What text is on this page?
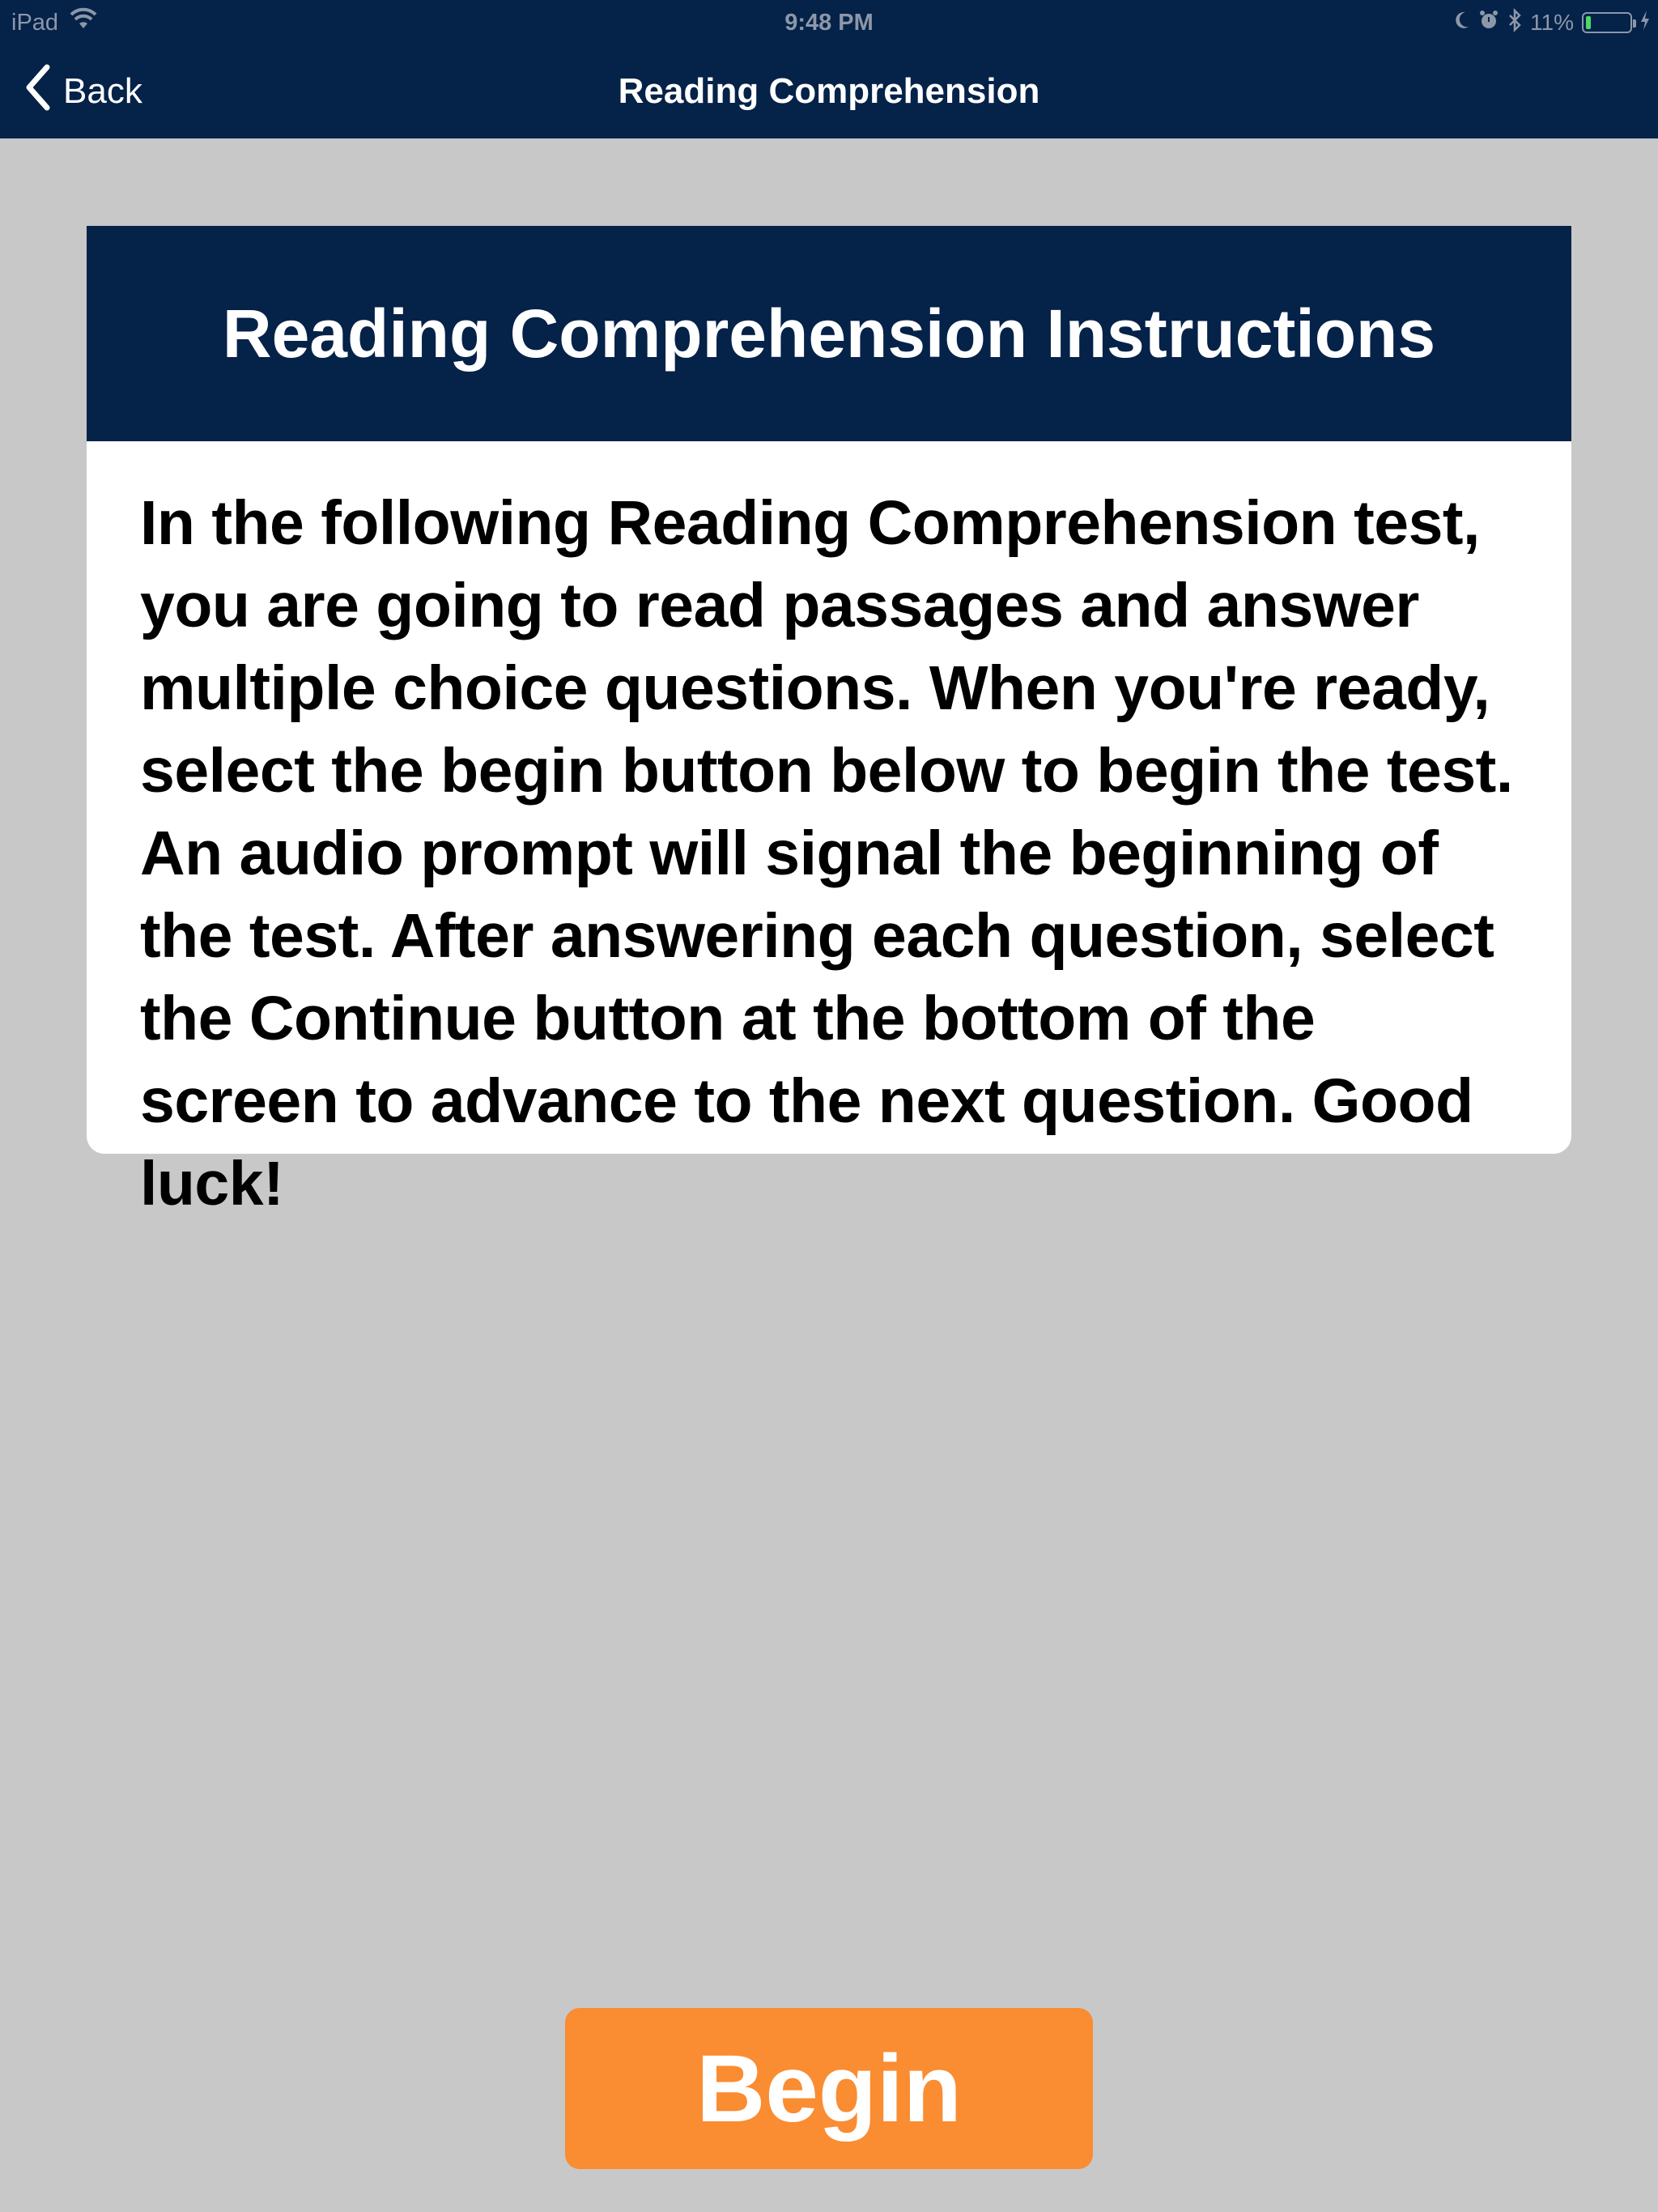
iPad	9:48 PM	11%
Back	Reading Comprehension
Reading Comprehension Instructions
In the following Reading Comprehension test, you are going to read passages and answer multiple choice questions. When you're ready, select the begin button below to begin the test. An audio prompt will signal the beginning of the test. After answering each question, select the Continue button at the bottom of the screen to advance to the next question. Good luck!
Begin
